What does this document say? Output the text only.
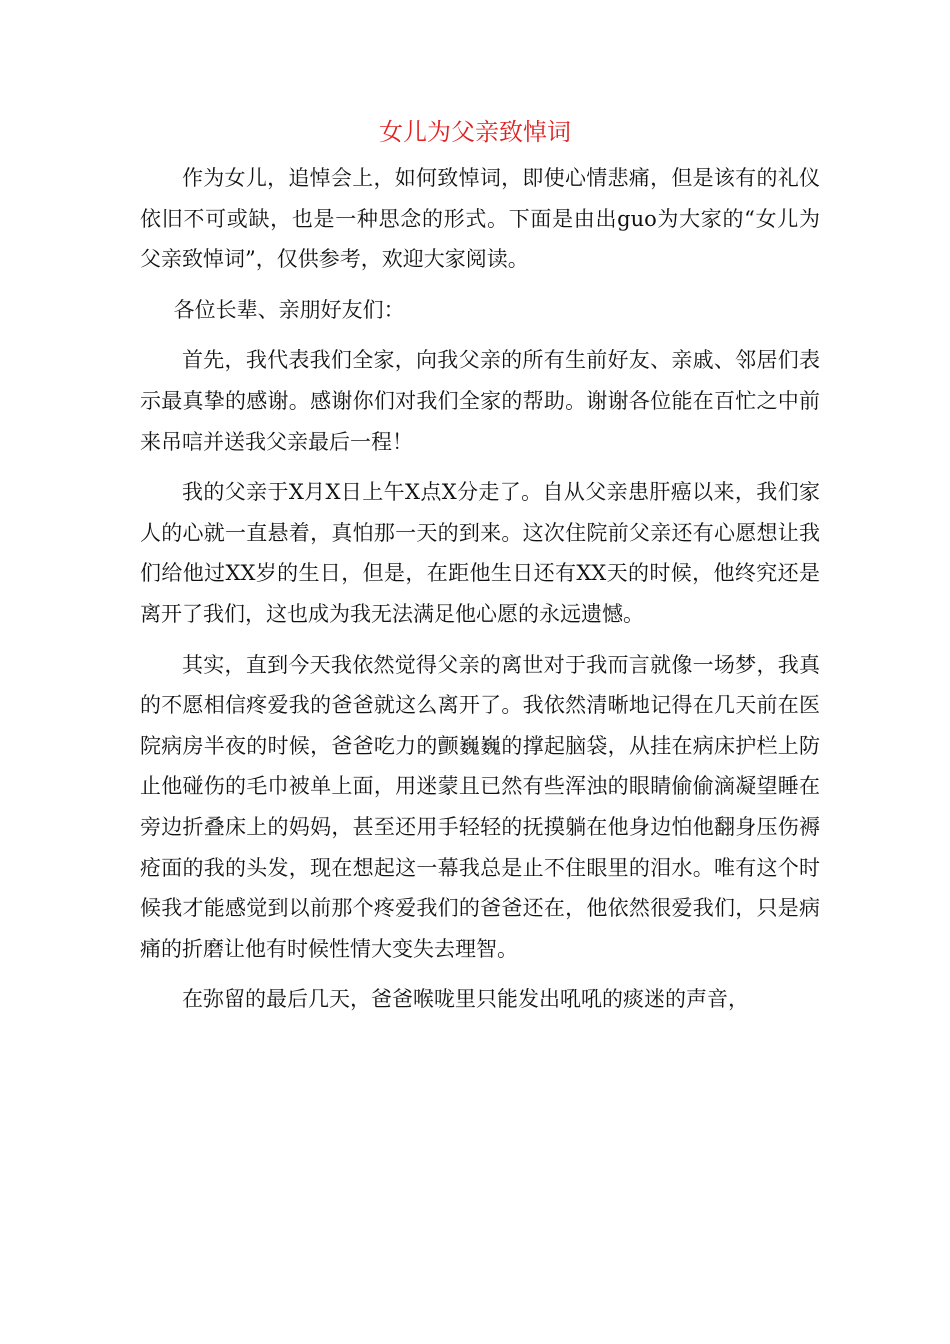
女儿为父亲致悼词

作为女儿，追悼会上，如何致悼词，即使心情悲痛，但是该有的礼仪依旧不可或缺，也是一种思念的形式。下面是由出guo为大家的“女儿为父亲致悼词”，仅供参考，欢迎大家阅读。

各位长辈、亲朋好友们：

首先，我代表我们全家，向我父亲的所有生前好友、亲戚、邻居们表示最真挚的感谢。感谢你们对我们全家的帮助。谢谢各位能在百忙之中前来吊唁并送我父亲最后一程！

我的父亲于X月X日上午X点X分走了。自从父亲患肝癌以来，我们家人的心就一直悬着，真怕那一天的到来。这次住院前父亲还有心愿想让我们给他过XX岁的生日，但是，在距他生日还有XX天的时候，他终究还是离开了我们，这也成为我无法满足他心愿的永远遗憾。

其实，直到今天我依然觉得父亲的离世对于我而言就像一场梦，我真的不愿相信疼爱我的爸爸就这么离开了。我依然清晰地记得在几天前在医院病房半夜的时候，爸爸吃力的颤巍巍的撑起脑袋，从挂在病床护栏上防止他碰伤的毛巾被单上面，用迷蒙且已然有些浑浊的眼睛偷偷滴凝望睡在旁边折叠床上的妈妈，甚至还用手轻轻的抚摸躺在他身边怕他翻身压伤褥疮面的我的头发，现在想起这一幕我总是止不住眼里的泪水。唯有这个时候我才能感觉到以前那个疼爱我们的爸爸还在，他依然很爱我们，只是病痛的折磨让他有时候性情大变失去理智。

在弥留的最后几天，爸爸喉咙里只能发出吼吼的痰迷的声音，
